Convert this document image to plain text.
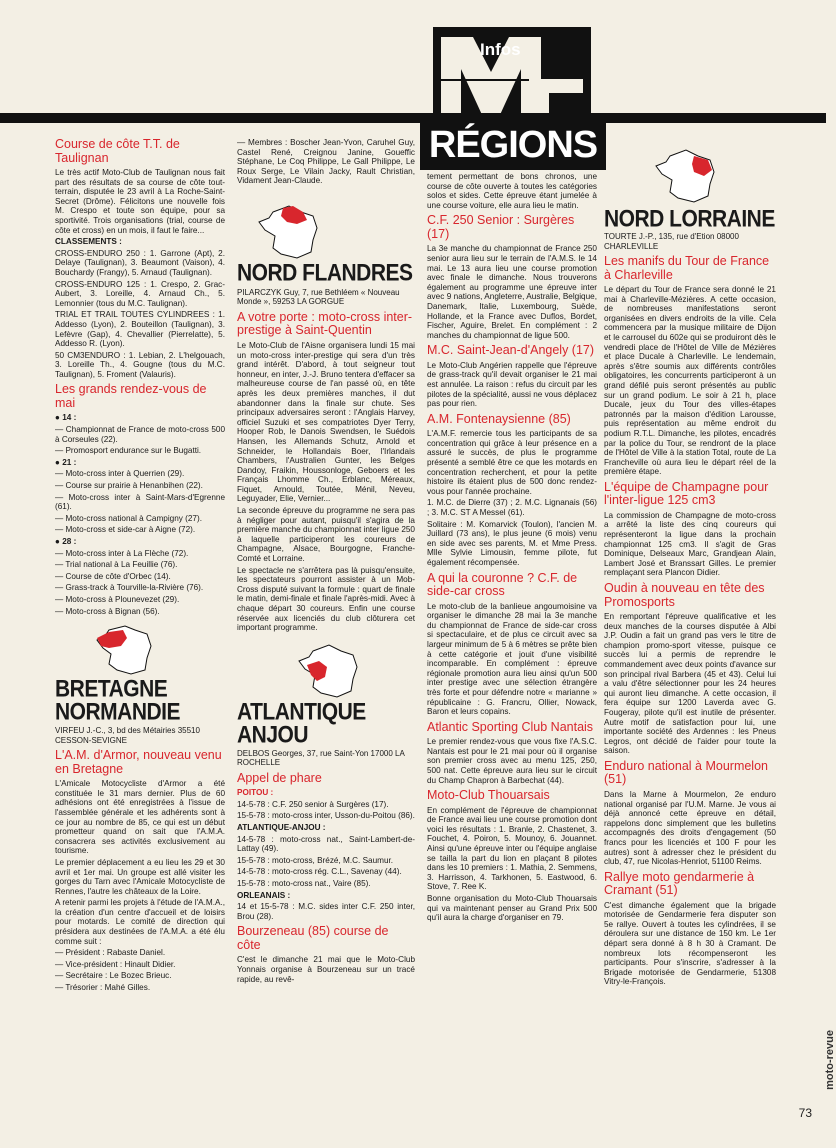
Infos
RÉGIONS
Course de côte T.T. de Taulignan

Le très actif Moto-Club de Taulignan nous fait part des résultats de sa course de côte tout-terrain, disputée le 23 avril à La Roche-Saint-Secret (Drôme). Félicitons une nouvelle fois M. Crespo et toute son équipe, pour sa sportivité. Trois organisations (trial, course de côte et cross) en un mois, il faut le faire...

CLASSEMENTS :

CROSS-ENDURO 250 : 1. Garrone (Apt), 2. Delaye (Taulignan), 3. Beaumont (Vaison), 4. Bouchardy (Frangy), 5. Arnaud (Taulignan).

CROSS-ENDURO 125 : 1. Crespo, 2. Grac-Aubert, 3. Loreille, 4. Arnaud Ch., 5. Lemonnier (tous du M.C. Taulignan).

TRIAL ET TRAIL TOUTES CYLINDREES : 1. Addesso (Lyon), 2. Bouteillon (Taulignan), 3. Lefèvre (Gap), 4. Chevallier (Pierrelatte), 5. Addesso R. (Lyon).

50 CM3ENDURO : 1. Lebian, 2. L'helgouach, 3. Loreille Th., 4. Gougne (tous du M.C. Taulignan), 5. Froment (Valauris).

Les grands rendez-vous de mai

● 14 :

— Championnat de France de moto-cross 500 à Corseules (22).

— Promosport endurance sur le Bugatti.

● 21 :

— Moto-cross inter à Querrien (29).

— Course sur prairie à Henanbihen (22).

— Moto-cross inter à Saint-Mars-d'Egrenne (61).

— Moto-cross national à Campigny (27).

— Moto-cross et side-car à Aigne (72).

● 28 :

— Moto-cross inter à La Flèche (72).

— Trial national à La Feuillie (76).

— Course de côte d'Orbec (14).

— Grass-track à Tourville-la-Rivière (76).

— Moto-cross à Plounevezet (29).

— Moto-cross à Bignan (56).

BRETAGNE NORMANDIE
VIRFEU J.-C., 3, bd des Métairies 35510 CESSON-SEVIGNE
L'A.M. d'Armor, nouveau venu en Bretagne

L'Amicale Motocycliste d'Armor a été constituée le 31 mars dernier. Plus de 60 adhésions ont été enregistrées à l'issue de l'assemblée générale et les adhérents sont à ce jour au nombre de 85, ce qui est un début prometteur quand on sait que l'A.M.A. consacrera ses activités exclusivement au tourisme.

Le premier déplacement a eu lieu les 29 et 30 avril et 1er mai. Un groupe est allé visiter les gorges du Tarn avec l'Amicale Motocycliste de Rennes, l'autre les châteaux de la Loire.

A retenir parmi les projets à l'étude de l'A.M.A., la création d'un centre d'accueil et de loisirs pour motards. Le comité de direction qui présidera aux destinées de l'A.M.A. a été élu comme suit :

— Président : Rabaste Daniel.

— Vice-président : Hinault Didier.

— Secrétaire : Le Bozec Brieuc.

— Trésorier : Mahé Gilles.

— Membres : Boscher Jean-Yvon, Caruhel Guy, Castel René, Creignou Janine, Goueffic Stéphane, Le Coq Philippe, Le Gall Philippe, Le Roux Serge, Le Vilain Jacky, Rault Christian, Vidament Jean-Claude.

NORD FLANDRES
PILARCZYK Guy, 7, rue Bethléem « Nouveau Monde », 59253 LA GORGUE
A votre porte : moto-cross inter-prestige à Saint-Quentin

Le Moto-Club de l'Aisne organisera lundi 15 mai un moto-cross inter-prestige qui sera d'un très grand intérêt. D'abord, à tout seigneur tout honneur, en inter, J.-J. Bruno tentera d'effacer sa malheureuse course de l'an passé où, en tête après les deux premières manches, il dut abandonner dans la finale sur chute. Ses principaux adversaires seront : l'Anglais Harvey, officiel Suzuki et ses compatriotes Dyer Terry, Hooper Rob, le Danois Swendsen, le Suédois Hansen, les Allemands Schutz, Arnold et Schneider, le Hollandais Boer, l'Irlandais Chambers, l'Australien Gunter, les Belges Dandoy, Fraikin, Houssonloge, Geboers et les Français Lhomme Ch., Erblanc, Méreaux, Fiquet, Arnould, Toutée, Ménil, Neveu, Leguyader, Elie, Vernier...

La seconde épreuve du programme ne sera pas à négliger pour autant, puisqu'il s'agira de la première manche du championnat inter ligue 250 à laquelle participeront les coureurs de Champagne, Alsace, Bourgogne, Franche-Comté et Lorraine.

Le spectacle ne s'arrêtera pas là puisqu'ensuite, les spectateurs pourront assister à un Mob-Cross disputé suivant la formule : quart de finale le matin, demi-finale et finale l'après-midi. Avec à chaque départ 30 coureurs. Enfin une course réservée aux licenciés du club clôturera cet important programme.

ATLANTIQUE ANJOU
DELBOS Georges, 37, rue Saint-Yon 17000 LA ROCHELLE
Appel de phare

POITOU :

14-5-78 : C.F. 250 senior à Surgères (17).

15-5-78 : moto-cross inter, Usson-du-Poitou (86).

ATLANTIQUE-ANJOU :

14-5-78 : moto-cross nat., Saint-Lambert-de-Lattay (49).

15-5-78 : moto-cross, Brézé, M.C. Saumur.

14-5-78 : moto-cross rég. C.L., Savenay (44).

15-5-78 : moto-cross nat., Vaire (85).

ORLEANAIS :

14 et 15-5-78 : M.C. sides inter C.F. 250 inter, Brou (28).

Bourzeneau (85) course de côte

C'est le dimanche 21 mai que le Moto-Club Yonnais organise à Bourzeneau sur un tracé rapide, au revê-

tement permettant de bons chronos, une course de côte ouverte à toutes les catégories solos et sides. Cette épreuve étant jumelée à une course voiture, elle aura lieu le matin.

C.F. 250 Senior : Surgères (17)

La 3e manche du championnat de France 250 senior aura lieu sur le terrain de l'A.M.S. le 14 mai. Le 13 aura lieu une course promotion avec finale le dimanche. Nous trouverons également au programme une épreuve inter avec 9 nations, Angleterre, Australie, Belgique, Danemark, Italie, Luxembourg, Suède, Hollande, et la France avec Duflos, Bordet, Fischer, Aguire, Brelet. En complément : 2 manches du championnat de ligue 500.

M.C. Saint-Jean-d'Angely (17)

Le Moto-Club Angérien rappelle que l'épreuve de grass-track qu'il devait organiser le 21 mai est annulée. La raison : refus du circuit par les pilotes de la spécialité, aussi ne vous déplacez pas pour rien.

A.M. Fontenaysienne (85)

L'A.M.F. remercie tous les participants de sa concentration qui grâce à leur présence en a assuré le succès, de plus le programme présenté a semblé être ce que les motards en concentration recherchent, et pour la petite histoire ils étaient plus de 500 donc rendez-vous pour l'année prochaine.

1. M.C. de Dierre (37) ; 2. M.C. Lignanais (56) ; 3. M.C. ST A Messel (61).

Solitaire : M. Komarvick (Toulon), l'ancien M. Juillard (73 ans), le plus jeune (6 mois) venu en side avec ses parents, M. et Mme Press. Mlle Sylvie Limousin, femme pilote, fut également récompensée.

A qui la couronne ? C.F. de side-car cross

Le moto-club de la banlieue angoumoisine va organiser le dimanche 28 mai la 3e manche du championnat de France de side-car cross si spectaculaire, et de plus ce circuit avec sa largeur minimum de 5 à 6 mètres se prête bien à cette catégorie et jouit d'une visibilité incomparable. En complément : épreuve régionale promotion aura lieu ainsi qu'un 500 inter prestige avec une sélection étrangère très forte et pour défendre notre « marianne » républicaine : G. Francru, Ollier, Nowack, Baron et leurs copains.

Atlantic Sporting Club Nantais

Le premier rendez-vous que vous fixe l'A.S.C. Nantais est pour le 21 mai pour où il organise son premier cross avec au menu 125, 250, 500 nat. Cette épreuve aura lieu sur le circuit du Champ Chapron à Barbechat (44).

Moto-Club Thouarsais

En complément de l'épreuve de championnat de France avai lieu une course promotion dont voici les résultats : 1. Branle, 2. Chastenet, 3. Fouchet, 4. Poiron, 5. Mounoy, 6. Jouannet. Ainsi qu'une épreuve inter ou l'équipe anglaise se tailla la part du lion en plaçant 8 pilotes dans les 10 premiers : 1. Mathia, 2. Semmens, 3. Harrisson, 4. Tarkhonen, 5. Eastwood, 6. Stove, 7. Ree K.

Bonne organisation du Moto-Club Thouarsais qui va maintenant penser au Grand Prix 500 qu'il aura la charge d'organiser en 79.

NORD LORRAINE
TOURTE J.-P., 135, rue d'Etion 08000 CHARLEVILLE
Les manifs du Tour de France à Charleville

Le départ du Tour de France sera donné le 21 mai à Charleville-Mézières. A cette occasion, de nombreuses manifestations seront organisées en divers endroits de la ville. Cela commencera par la musique militaire de Dijon et le carrousel du 602e qui se produiront dès le vendredi place de l'Hôtel de Ville de Mézières et place Ducale à Charleville. Le lendemain, après s'être soumis aux différents contrôles obligatoires, les concurrents participeront à un grand défilé puis seront présentés au public sur un grand podium. Le soir à 21 h, place Ducale, jeux du Tour des villes-étapes patronnés par la maison d'édition Larousse, puis représentation au même endroit du podium R.T.L. Dimanche, les pilotes, encadrés par la police du Tour, se rendront de la place de l'Hôtel de Ville à la station Total, route de La Francheville où aura lieu le départ réel de la première étape.

L'équipe de Champagne pour l'inter-ligue 125 cm3

La commission de Champagne de moto-cross a arrêté la liste des cinq coureurs qui représenteront la ligue dans la prochain championnat 125 cm3. Il s'agit de Gras Dominique, Delseaux Marc, Grandjean Alain, Lambert José et Branssart Gilles. Le premier remplaçant sera Plancon Didier.

Oudin à nouveau en tête des Promosports

En remportant l'épreuve qualificative et les deux manches de la courses disputée à Albi J.P. Oudin a fait un grand pas vers le titre de champion promo-sport vitesse, puisque ce succès lui a permis de reprendre le commandement avec deux points d'avance sur son principal rival Barbera (45 et 43). Celui lui a valu d'être sélectionner pour les 24 heures qui auront lieu dimanche. A cette occasion, il fera équipe sur 1200 Laverda avec G. Fougeray, pilote qu'il est inutile de présenter. Autre motif de satisfaction pour lui, une importante société des Ardennes : les Pneus Legros, ont décidé de l'aider pour toute la saison.

Enduro national à Mourmelon (51)

Dans la Marne à Mourmelon, 2e enduro national organisé par l'U.M. Marne. Je vous ai déjà annoncé cette épreuve en détail, rappelons donc simplement que les bulletins accompagnés des droits d'engagement (50 francs pour les licenciés et 100 F pour les autres) sont à adresser chez le président du club, 47, rue Nicolas-Henriot, 51100 Reims.

Rallye moto gendarmerie à Cramant (51)

C'est dimanche également que la brigade motorisée de Gendarmerie fera disputer son 5e rallye. Ouvert à toutes les cylindrées, il se déroulera sur une distance de 150 km. Le 1er départ sera donné à 8 h 30 à Cramant. De nombreux lots récompenseront les participants. Pour s'inscrire, s'adresser à la Brigade motorisée de Gendarmerie, 51308 Vitry-le-François.

moto-revue
73
